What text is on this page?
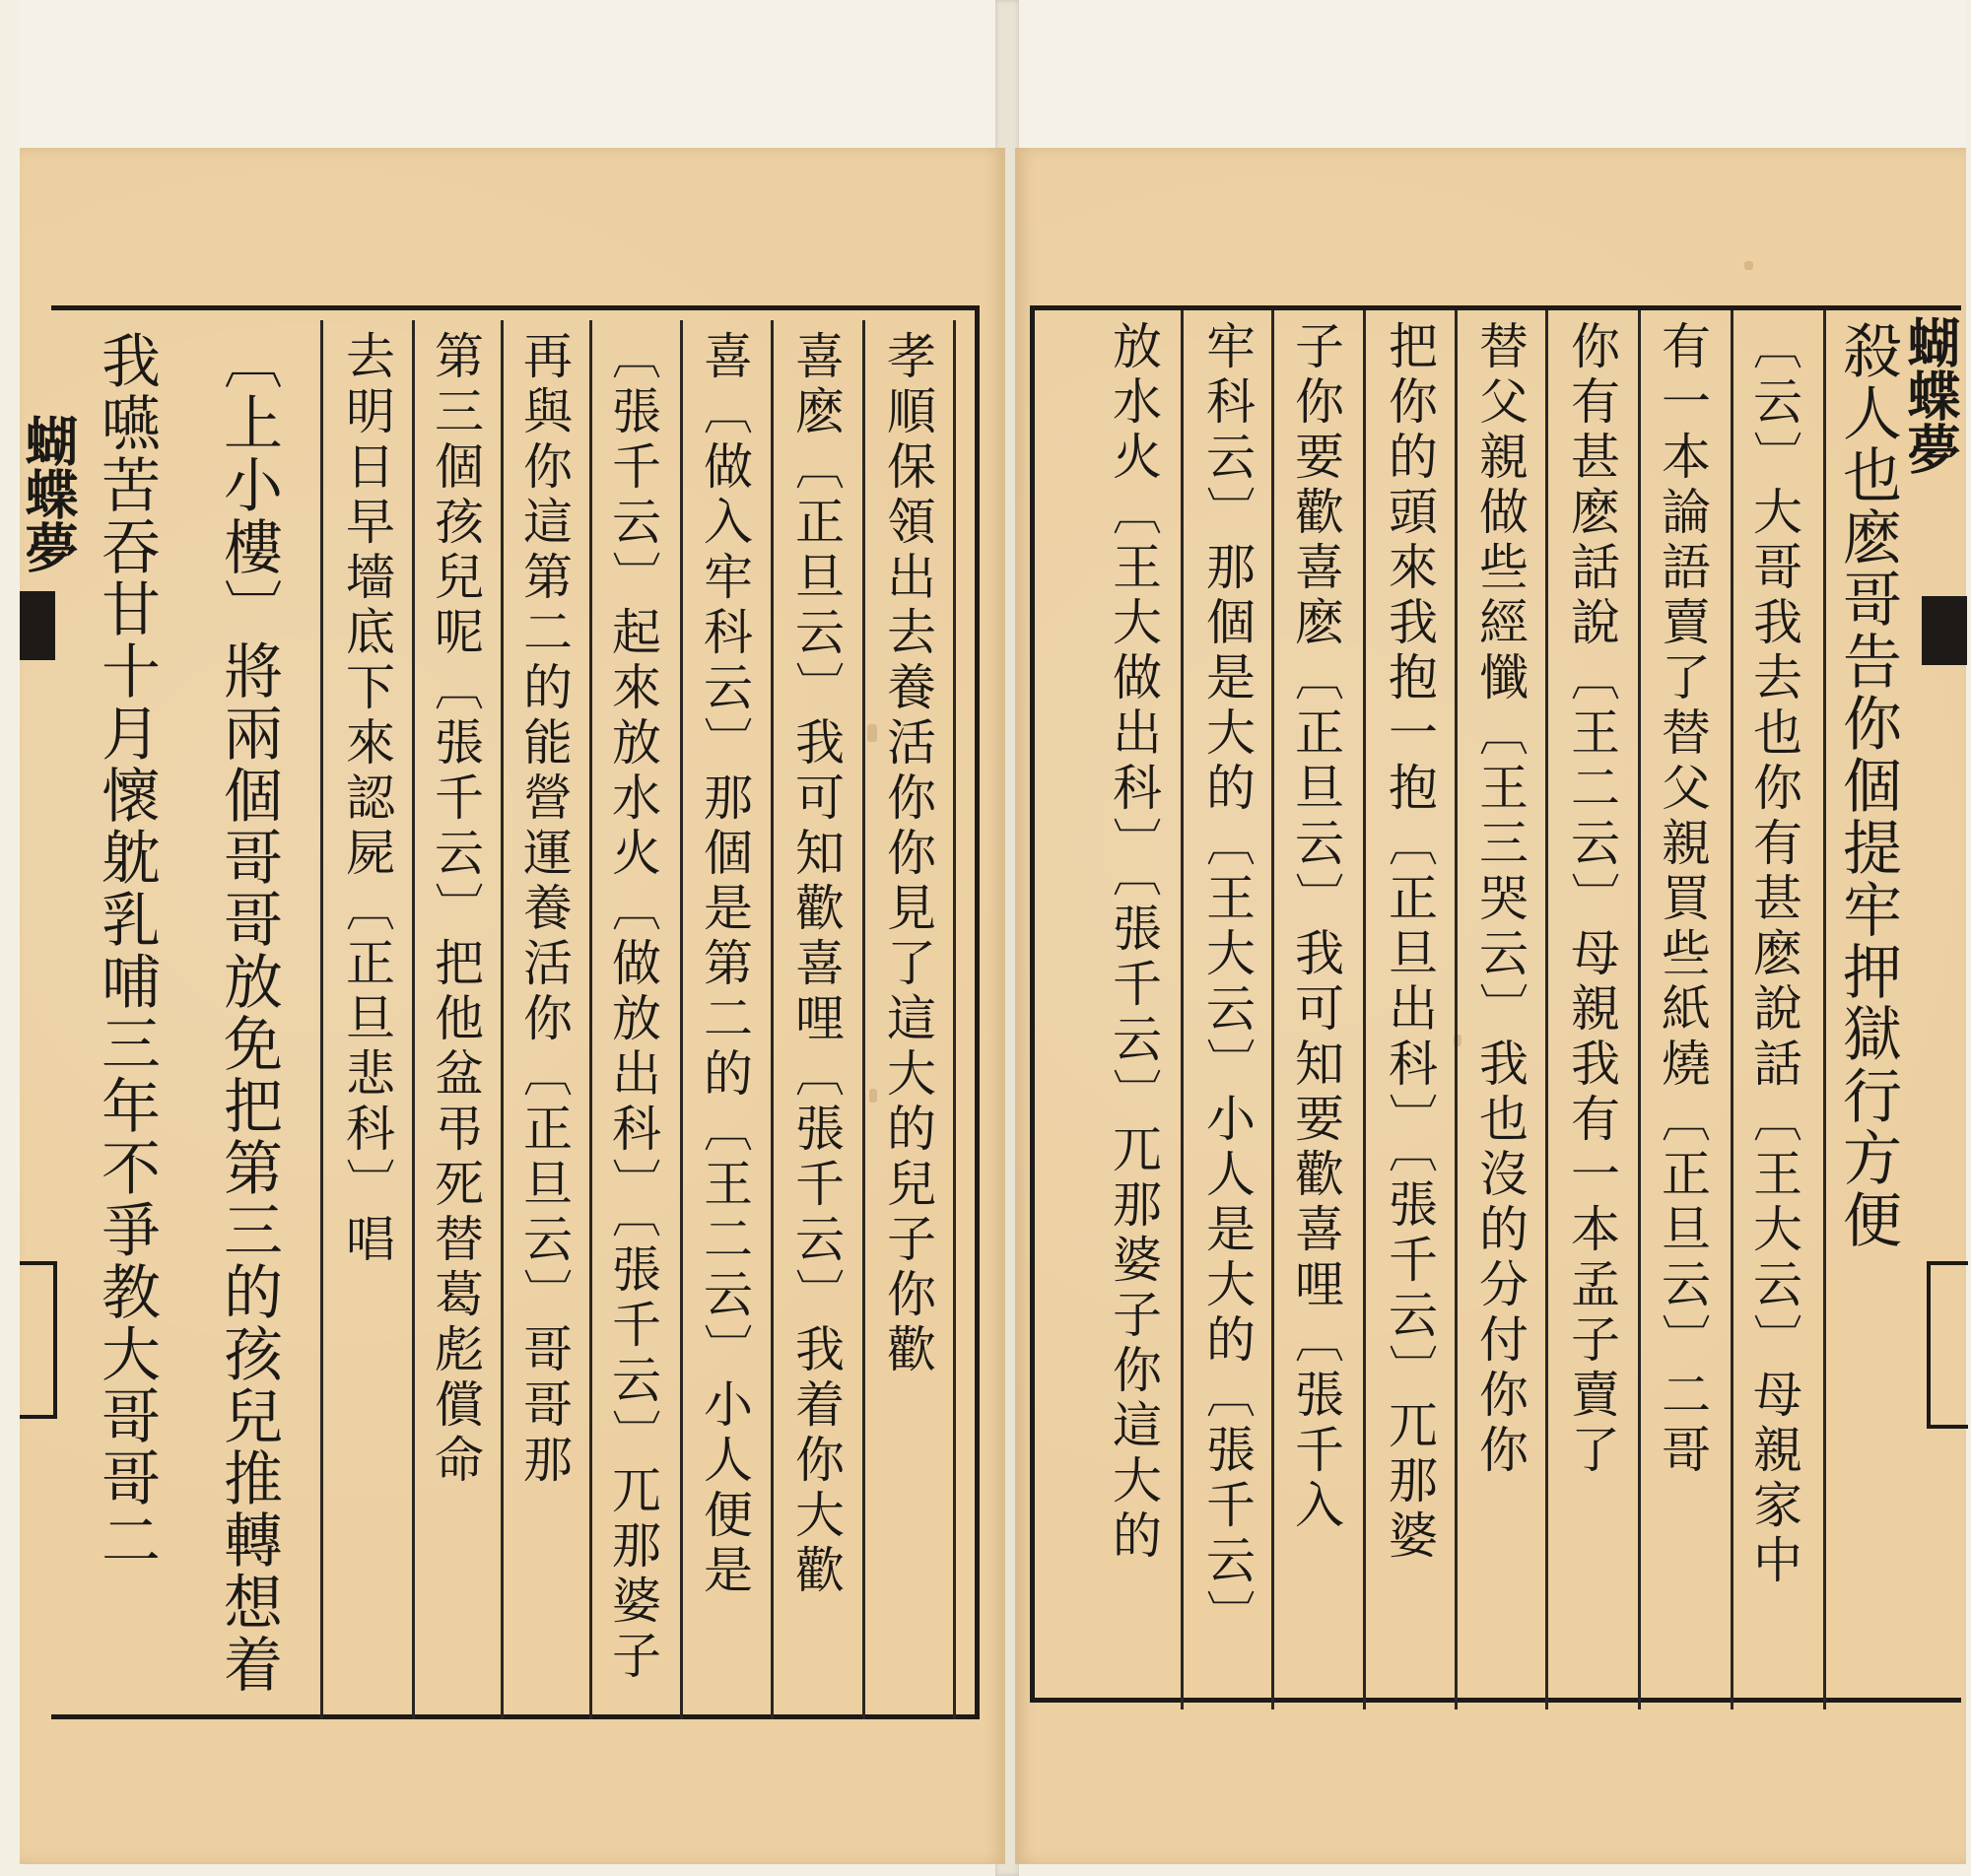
蝴蝶夢	孝順保領出去養活你你見了這大的兒子你歡
喜麽〔正旦云〕我可知歡喜哩〔張千云〕我着你大歡
喜〔做入牢科云〕那個是第二的〔王二云〕小人便是
〔張千云〕起來放水火〔做放出科〕〔張千云〕兀那婆子
再與你這第二的能營運養活你〔正旦云〕哥哥那
第三個孩兒呢〔張千云〕把他盆弔死替葛彪償命
去明日早墻底下來認屍〔正旦悲科〕唱
〔上小樓〕將兩個哥哥放免把第三的孩兒推轉想着
我嚥苦吞甘十月懷躭乳哺三年不爭教大哥哥二	蝴蝶夢
殺人也麽哥告你個提牢押獄行方便
〔云〕大哥我去也你有甚麽說話〔王大云〕母親家中
有一本論語賣了替父親買些紙燒〔正旦云〕二哥
你有甚麽話說〔王二云〕母親我有一本孟子賣了
替父親做些經懺〔王三哭云〕我也沒的分付你你
把你的頭來我抱一抱〔正旦出科〕〔張千云〕兀那婆
子你要歡喜麽〔正旦云〕我可知要歡喜哩〔張千入
牢科云〕那個是大的〔王大云〕小人是大的〔張千云〕
放水火〔王大做出科〕〔張千云〕兀那婆子你這大的
